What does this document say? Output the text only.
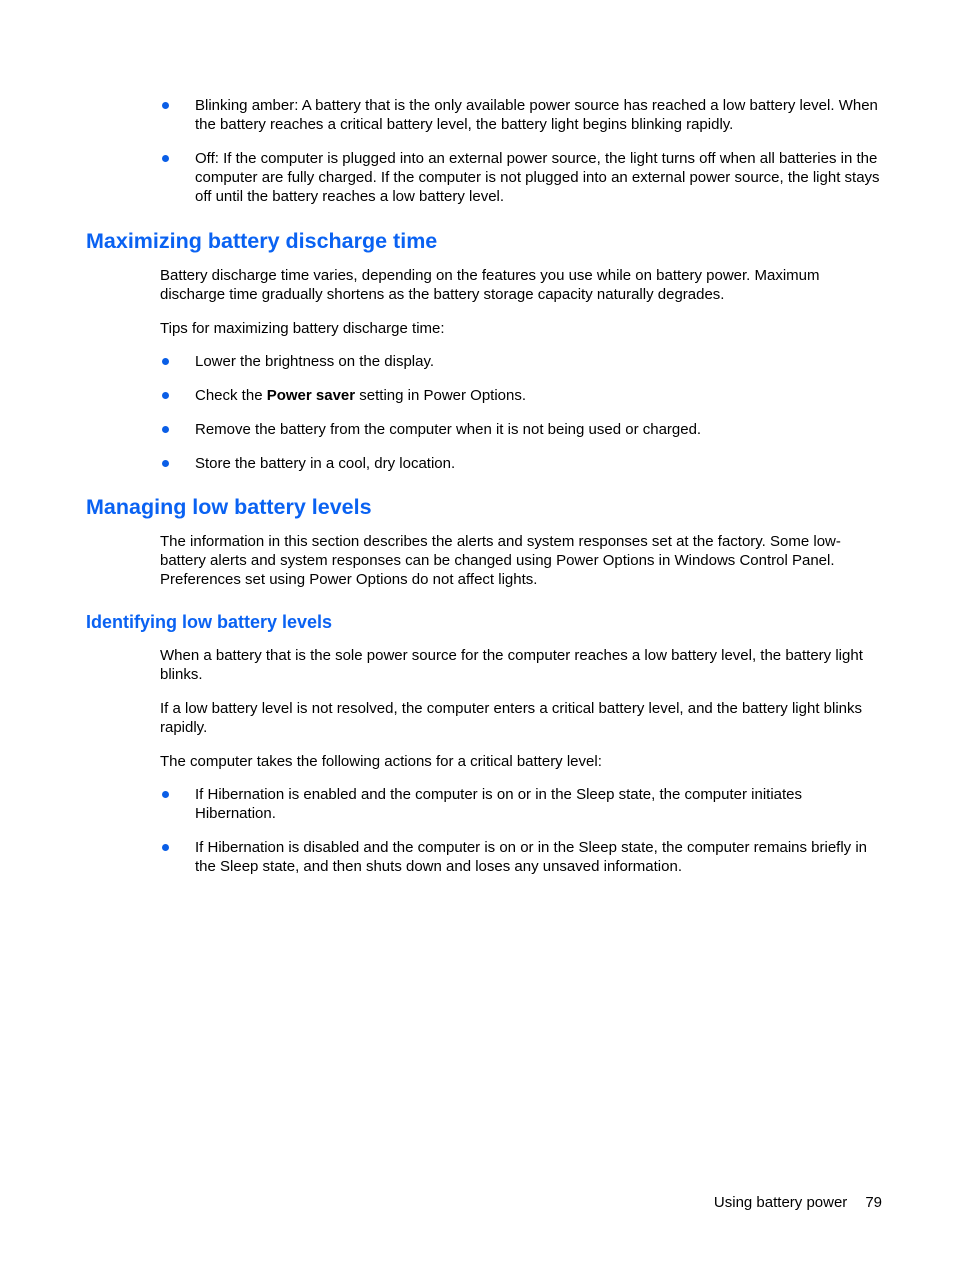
Blinking amber: A battery that is the only available power source has reached a low battery level. When the battery reaches a critical battery level, the battery light begins blinking rapidly.
Off: If the computer is plugged into an external power source, the light turns off when all batteries in the computer are fully charged. If the computer is not plugged into an external power source, the light stays off until the battery reaches a low battery level.
Maximizing battery discharge time

Battery discharge time varies, depending on the features you use while on battery power. Maximum discharge time gradually shortens as the battery storage capacity naturally degrades.

Tips for maximizing battery discharge time:

Lower the brightness on the display.
Check the Power saver setting in Power Options.
Remove the battery from the computer when it is not being used or charged.
Store the battery in a cool, dry location.
Managing low battery levels

The information in this section describes the alerts and system responses set at the factory. Some low-battery alerts and system responses can be changed using Power Options in Windows Control Panel. Preferences set using Power Options do not affect lights.

Identifying low battery levels

When a battery that is the sole power source for the computer reaches a low battery level, the battery light blinks.

If a low battery level is not resolved, the computer enters a critical battery level, and the battery light blinks rapidly.

The computer takes the following actions for a critical battery level:

If Hibernation is enabled and the computer is on or in the Sleep state, the computer initiates Hibernation.
If Hibernation is disabled and the computer is on or in the Sleep state, the computer remains briefly in the Sleep state, and then shuts down and loses any unsaved information.
Using battery power 79
